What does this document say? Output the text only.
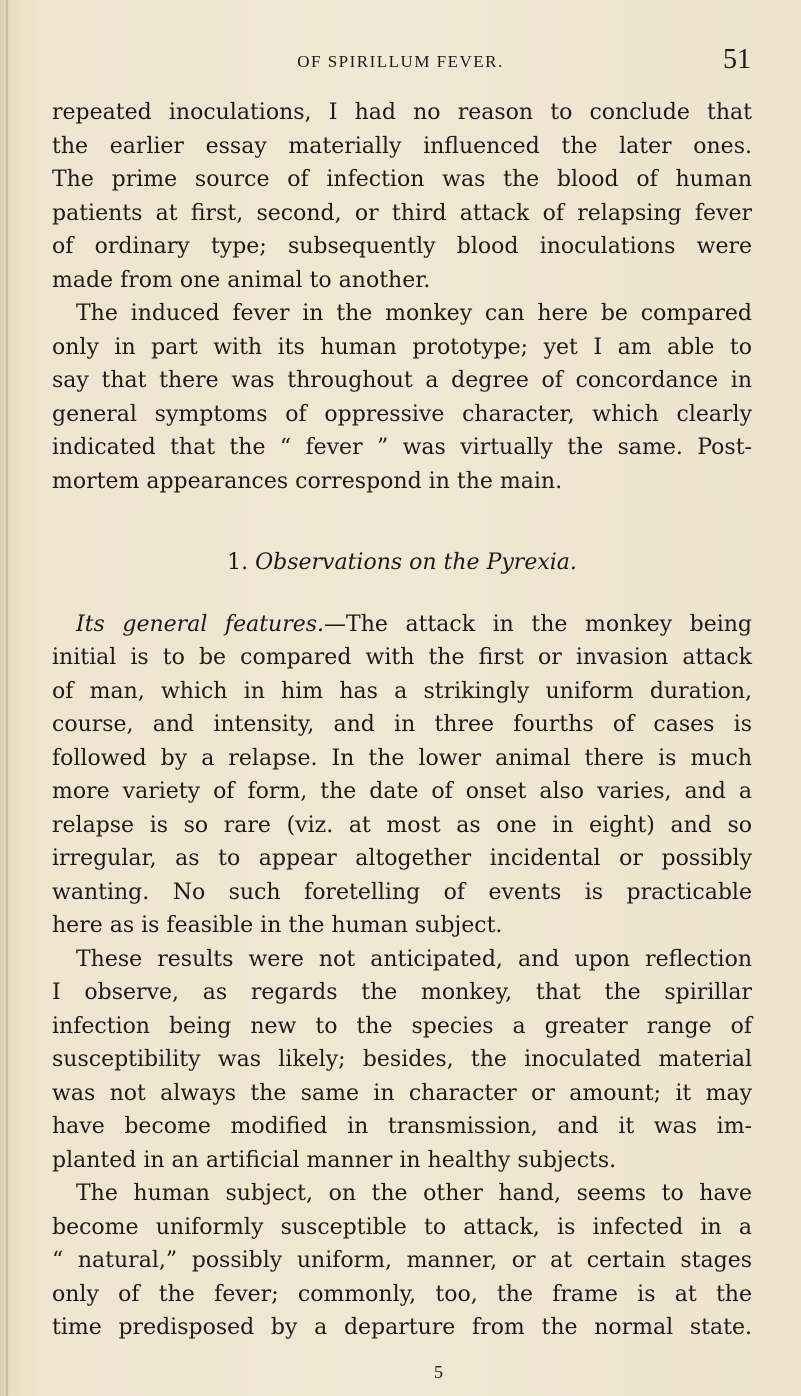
OF SPIRILLUM FEVER.	51
repeated inoculations, I had no reason to conclude that
the earlier essay materially influenced the later ones.
The prime source of infection was the blood of human
patients at first, second, or third attack of relapsing fever
of ordinary type; subsequently blood inoculations were
made from one animal to another.
The induced fever in the monkey can here be compared
only in part with its human prototype; yet I am able to
say that there was throughout a degree of concordance in
general symptoms of oppressive character, which clearly
indicated that the “ fever ” was virtually the same. Post-
mortem appearances correspond in the main.
1. Observations on the Pyrexia.
Its general features.—The attack in the monkey being
initial is to be compared with the first or invasion attack
of man, which in him has a strikingly uniform duration,
course, and intensity, and in three fourths of cases is
followed by a relapse. In the lower animal there is much
more variety of form, the date of onset also varies, and a
relapse is so rare (viz. at most as one in eight) and so
irregular, as to appear altogether incidental or possibly
wanting. No such foretelling of events is practicable
here as is feasible in the human subject.
These results were not anticipated, and upon reflection
I observe, as regards the monkey, that the spirillar
infection being new to the species a greater range of
susceptibility was likely; besides, the inoculated material
was not always the same in character or amount; it may
have become modified in transmission, and it was im-
planted in an artificial manner in healthy subjects.
The human subject, on the other hand, seems to have
become uniformly susceptible to attack, is infected in a
“ natural,” possibly uniform, manner, or at certain stages
only of the fever; commonly, too, the frame is at the
time predisposed by a departure from the normal state.
5
